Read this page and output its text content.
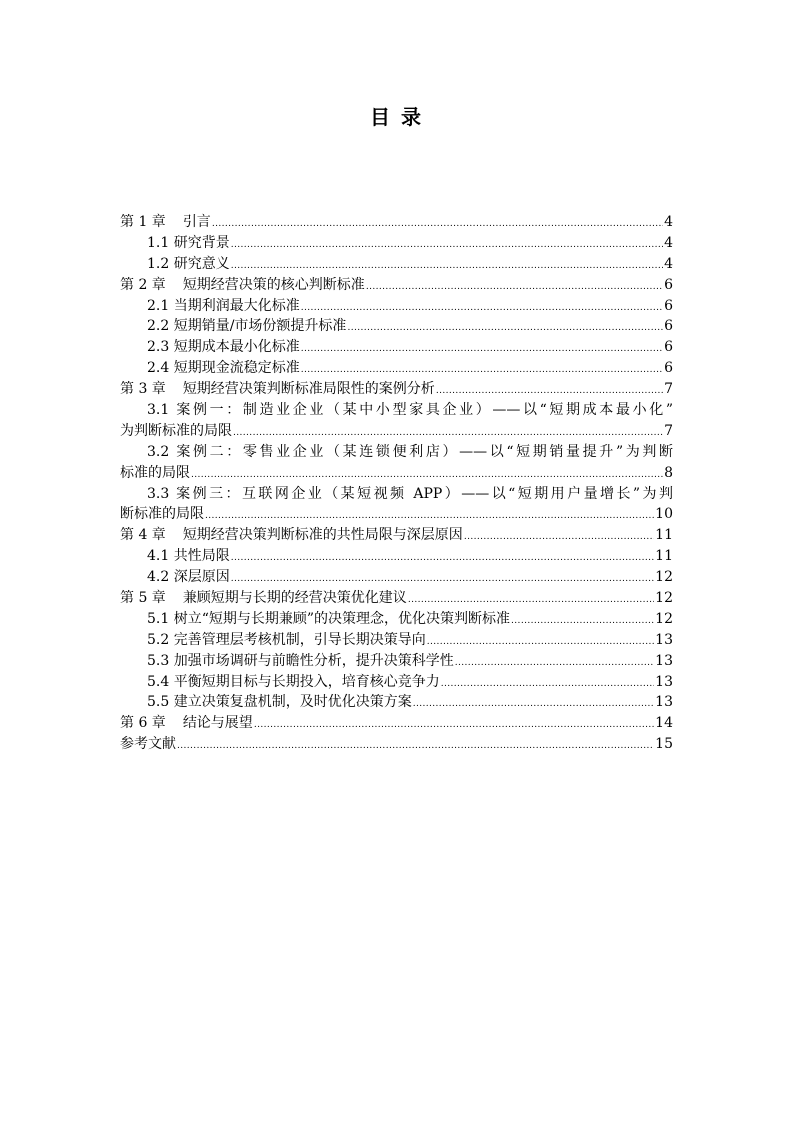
目 录
第 1 章 引言 .....	4
1.1 研究背景 .....	4
1.2 研究意义 .....	4
第 2 章 短期经营决策的核心判断标准 .....	6
2.1 当期利润最大化标准 .....	6
2.2 短期销量/市场份额提升标准 .....	6
2.3 短期成本最小化标准 .....	6
2.4 短期现金流稳定标准 .....	6
第 3 章 短期经营决策判断标准局限性的案例分析 .....	7
3.1 案例一：制造业企业（某中小型家具企业）——以“短期成本最小化”
为判断标准的局限 .....	7
3.2 案例二：零售业企业（某连锁便利店）——以“短期销量提升”为判断
标准的局限 .....	8
3.3 案例三：互联网企业（某短视频 APP）——以“短期用户量增长”为判
断标准的局限 .....	10
第 4 章 短期经营决策判断标准的共性局限与深层原因 .....	11
4.1 共性局限 .....	11
4.2 深层原因 .....	12
第 5 章 兼顾短期与长期的经营决策优化建议 .....	12
5.1 树立“短期与长期兼顾”的决策理念，优化决策判断标准 .....	12
5.2 完善管理层考核机制，引导长期决策导向 .....	13
5.3 加强市场调研与前瞻性分析，提升决策科学性 .....	13
5.4 平衡短期目标与长期投入，培育核心竞争力 .....	13
5.5 建立决策复盘机制，及时优化决策方案 .....	13
第 6 章 结论与展望 .....	14
参考文献 .....	15
